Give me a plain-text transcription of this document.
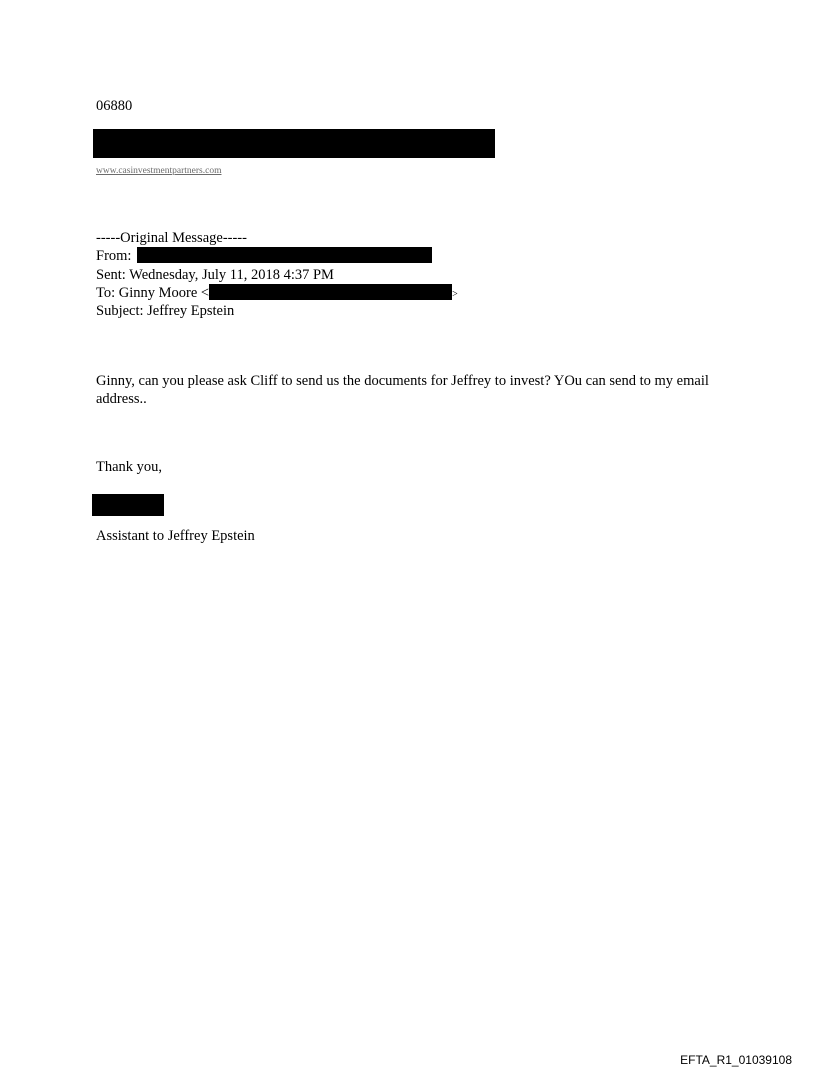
06880
www.casinvestmentpartners.com
-----Original Message-----
From:
Sent: Wednesday, July 11, 2018 4:37 PM
To: Ginny Moore <	>
Subject: Jeffrey Epstein
Ginny, can you please ask Cliff to send us the documents for Jeffrey to invest? YOu can send to my email address..
Thank you,
Assistant to Jeffrey Epstein
EFTA_R1_01039108
